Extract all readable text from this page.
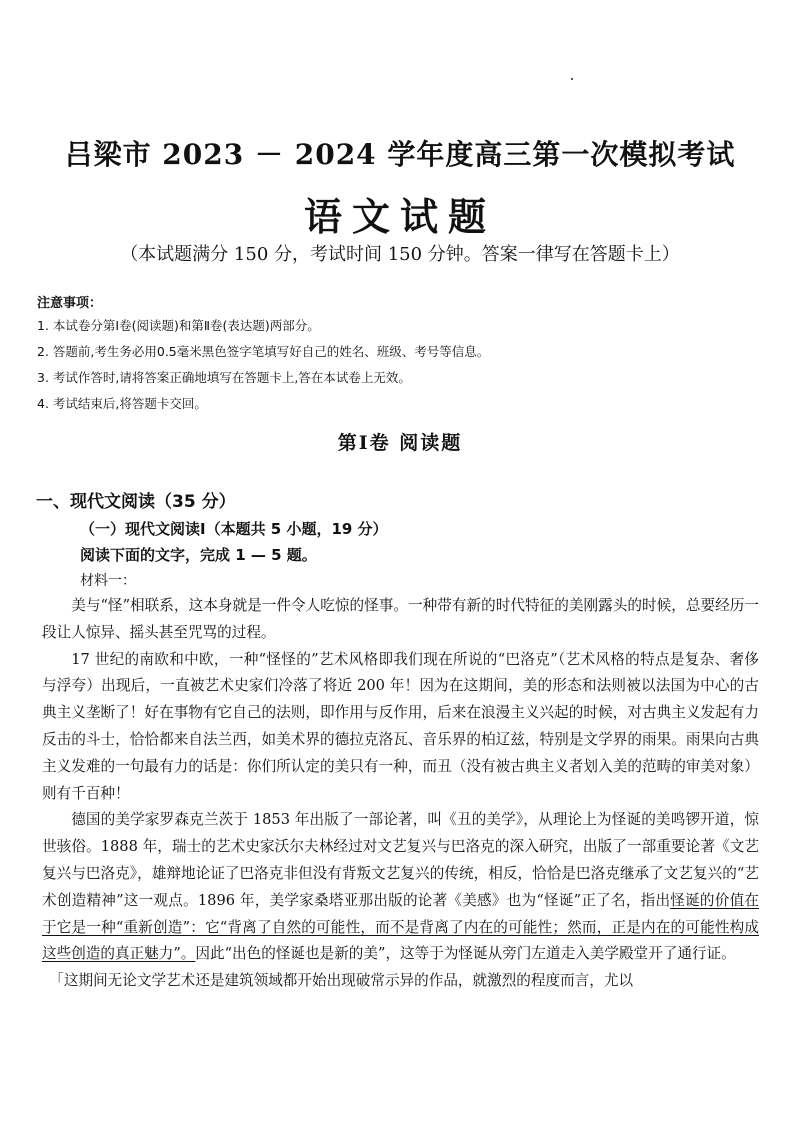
吕梁市 2023 － 2024 学年度高三第一次模拟考试
语文试题
（本试题满分 150 分，考试时间 150 分钟。答案一律写在答题卡上）
注意事项：
1. 本试卷分第Ⅰ卷(阅读题)和第Ⅱ卷(表达题)两部分。
2. 答题前,考生务必用0.5毫米黑色签字笔填写好自己的姓名、班级、考号等信息。
3. 考试作答时,请将答案正确地填写在答题卡上,答在本试卷上无效。
4. 考试结束后,将答题卡交回。
第Ⅰ卷 阅读题
一、现代文阅读（35 分）
（一）现代文阅读Ⅰ（本题共 5 小题，19 分）
阅读下面的文字，完成 1 — 5 题。
材料一：

美与“怪”相联系，这本身就是一件令人吃惊的怪事。一种带有新的时代特征的美刚露头的时候，总要经历一段让人惊异、摇头甚至咒骂的过程。

17 世纪的南欧和中欧，一种“怪怪的”艺术风格即我们现在所说的“巴洛克”（艺术风格的特点是复杂、奢侈与浮夸）出现后，一直被艺术史家们冷落了将近 200 年！因为在这期间，美的形态和法则被以法国为中心的古典主义垄断了！好在事物有它自己的法则，即作用与反作用，后来在浪漫主义兴起的时候，对古典主义发起有力反击的斗士，恰恰都来自法兰西，如美术界的德拉克洛瓦、音乐界的柏辽兹，特别是文学界的雨果。雨果向古典主义发难的一句最有力的话是：你们所认定的美只有一种，而丑（没有被古典主义者划入美的范畴的审美对象）则有千百种！

德国的美学家罗森克兰茨于 1853 年出版了一部论著，叫《丑的美学》，从理论上为怪诞的美鸣锣开道，惊世骇俗。1888 年，瑞士的艺术史家沃尔夫林经过对文艺复兴与巴洛克的深入研究，出版了一部重要论著《文艺复兴与巴洛克》，雄辩地论证了巴洛克非但没有背叛文艺复兴的传统，相反，恰恰是巴洛克继承了文艺复兴的“艺术创造精神”这一观点。1896 年，美学家桑塔亚那出版的论著《美感》也为“怪诞”正了名，指出怪诞的价值在于它是一种“重新创造”：它“背离了自然的可能性，而不是背离了内在的可能性；然而，正是内在的可能性构成这些创造的真正魅力”。因此“出色的怪诞也是新的美”，这等于为怪诞从旁门左道走入美学殿堂开了通行证。

「这期间无论文学艺术还是建筑领域都开始出现破常示异的作品，就激烈的程度而言，尤以
